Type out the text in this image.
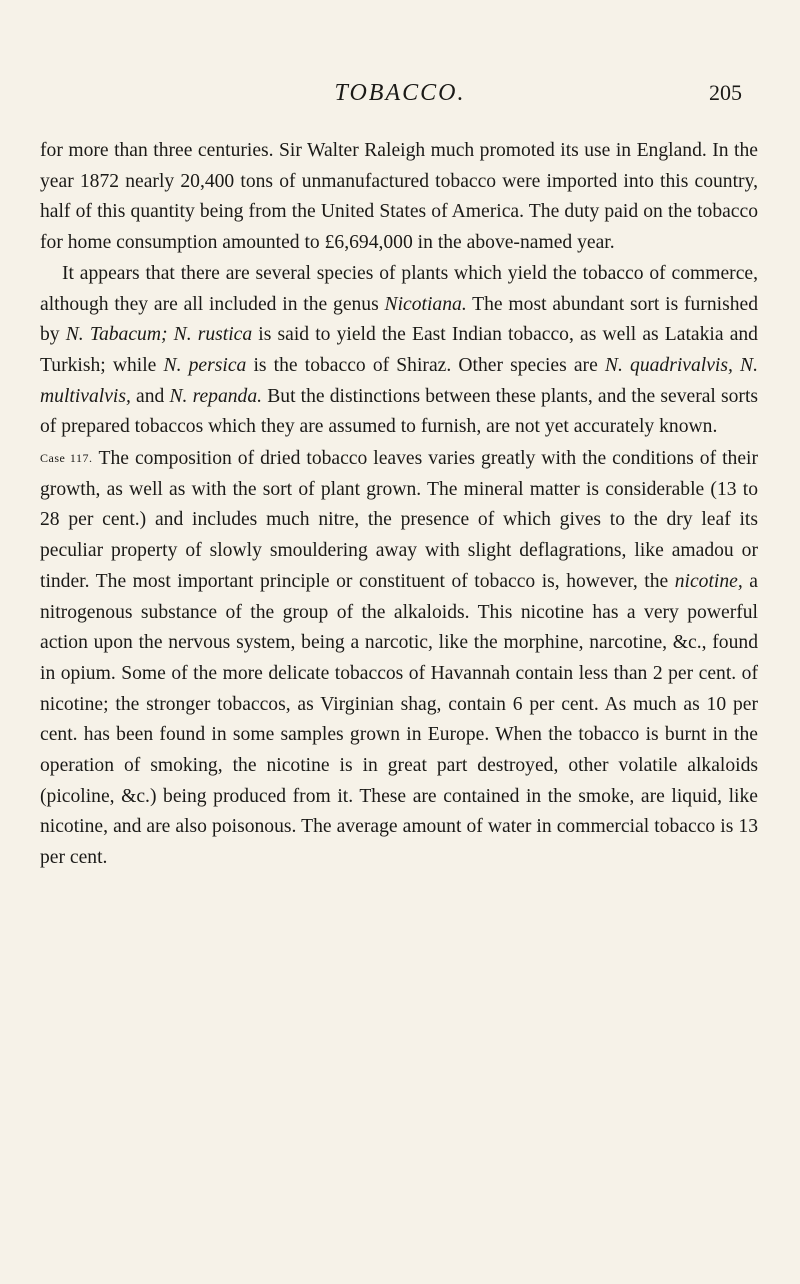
TOBACCO.	205

for more than three centuries. Sir Walter Raleigh much promoted its use in England. In the year 1872 nearly 20,400 tons of unmanufactured tobacco were imported into this country, half of this quantity being from the United States of America. The duty paid on the tobacco for home consumption amounted to £6,694,000 in the above-named year.

It appears that there are several species of plants which yield the tobacco of commerce, although they are all included in the genus Nicotiana. The most abundant sort is furnished by N. Tabacum; N. rustica is said to yield the East Indian tobacco, as well as Latakia and Turkish; while N. persica is the tobacco of Shiraz. Other species are N. quadrivalvis, N. multivalvis, and N. repanda. But the distinctions between these plants, and the several sorts of prepared tobaccos which they are assumed to furnish, are not yet accurately known.

Case 117. The composition of dried tobacco leaves varies greatly with the conditions of their growth, as well as with the sort of plant grown. The mineral matter is considerable (13 to 28 per cent.) and includes much nitre, the presence of which gives to the dry leaf its peculiar property of slowly smouldering away with slight deflagrations, like amadou or tinder. The most important principle or constituent of tobacco is, however, the nicotine, a nitrogenous substance of the group of the alkaloids. This nicotine has a very powerful action upon the nervous system, being a narcotic, like the morphine, narcotine, &c., found in opium. Some of the more delicate tobaccos of Havannah contain less than 2 per cent. of nicotine; the stronger tobaccos, as Virginian shag, contain 6 per cent. As much as 10 per cent. has been found in some samples grown in Europe. When the tobacco is burnt in the operation of smoking, the nicotine is in great part destroyed, other volatile alkaloids (picoline, &c.) being produced from it. These are contained in the smoke, are liquid, like nicotine, and are also poisonous. The average amount of water in commercial tobacco is 13 per cent.
